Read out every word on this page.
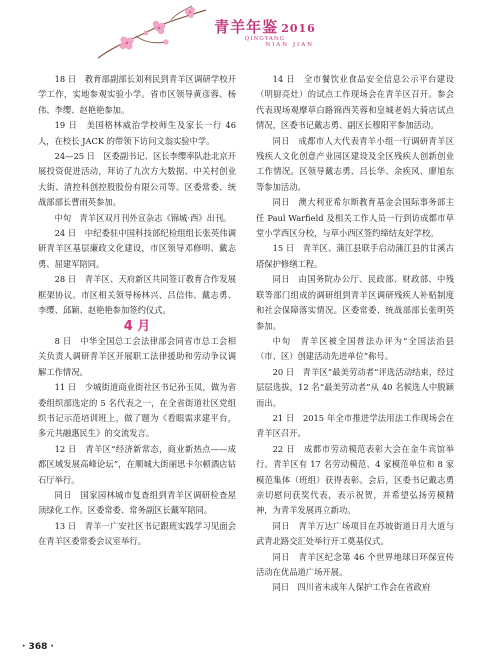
青羊年鉴 2016
QINGYANG
NIAN JIAN

18 日　教育部副部长刘利民到青羊区调研学校开学工作，实地参观实验小学。省市区领导黄彦蓉、杨伟、李缨、赵艳艳参加。

19 日　美国格林威治学校师生及家长一行 46 人，在校长 JACK 的带领下访问文翁实验中学。

24—25 日　区委副书记、区长李缨率队赴北京开展投资促进活动，拜访了九次方大数据、中关村创业大街、清控科创控股股份有限公司等。区委常委、统战部部长曹雨英参加。

中旬　青羊区双月刊外宣杂志《锦城·西》出刊。

24 日　中纪委驻中国科技部纪检组组长张英伟调研青羊区基层廉政文化建设，市区领导邓修明、戴志勇、屈建军陪同。

28 日　青羊区、天府新区共同签订教育合作发展框架协议。市区相关领导杨林兴、吕信伟、戴志勇、李缨、邱颖、赵艳艳参加签约仪式。

4 月

8 日　中华全国总工会法律部会同省市总工会相关负责人调研青羊区开展职工法律援助和劳动争议调解工作情况。

11 日　少城街道商业街社区书记孙玉凤，做为省委组织部选定的 5 名代表之一，在全省街道社区党组织书记示范培训班上，做了题为《看眼需求建平台，多元共融惠民生》的交流发言。

12 日　青羊区“经济新常态，商业新热点——成都区域发展高峰论坛”，在顺城大街丽思卡尔顿酒店钻石厅举行。

同日　国家园林城市复查组到青羊区调研检查屋顶绿化工作。区委常委、常务副区长戴军陪同。

13 日　青羊一广安社区书记跟班实践学习见面会在青羊区委常委会议室举行。

14 日　全市餐饮业食品安全信息公示平台建设（明厨亮灶）的试点工作现场会在青羊区召开。参会代表现场观摩草白路锦西芙蓉和皇城老妈大骑店试点情况，区委书记戴志勇、副区长穆阳平参加活动。

同日　成都市人大代表青羊小组一行调研青羊区残疾人文化创意产业园区建设及全区残疾人创新创业工作情况。区领导戴志勇、吕长华、余疾风、廖旭东等参加活动。

同日　澳大利亚希尔斯教育基金会国际事务部主任 Paul Warfield 及相关工作人员一行到访成都市草堂小学西区分校，与草小西区签约缔结友好学校。

15 日　青羊区、蒲江县联手启动蒲江县的甘溪古塔保护修缮工程。

同日　由国务院办公厅、民政部、财政部、中残联等部门组成的调研组到青羊区调研残疾人补贴制度和社会保障落实情况。区委常委、统战部部长张明英参加。

中旬　青羊区被全国普法办评为“全国法治县（市、区）创建活动先进单位”称号。

20 日　青羊区“最美劳动者”评选活动结束，经过层层选拔，12 名“最美劳动者”从 40 名候选人中脱颖而出。

21 日　2015 年全市推进学法用法工作现场会在青羊区召开。

22 日　成都市劳动模范表彰大会在金牛宾馆举行。青羊区有 17 名劳动模范、4 家模范单位和 8 家模范集体（班组）获得表彰。会后，区委书记戴志勇亲切慰问获奖代表，表示祝贺，并希望弘扬劳模精神，为青羊发展再立新功。

同日　青羊万达广场项目在苏坡街道日月大道与武青北路交汇处举行开工奠基仪式。

同日　青羊区纪念第 46 个世界地球日环保宣传活动在优品道广场开展。

同日　四川省未成年人保护工作会在省政府

· 368 ·
